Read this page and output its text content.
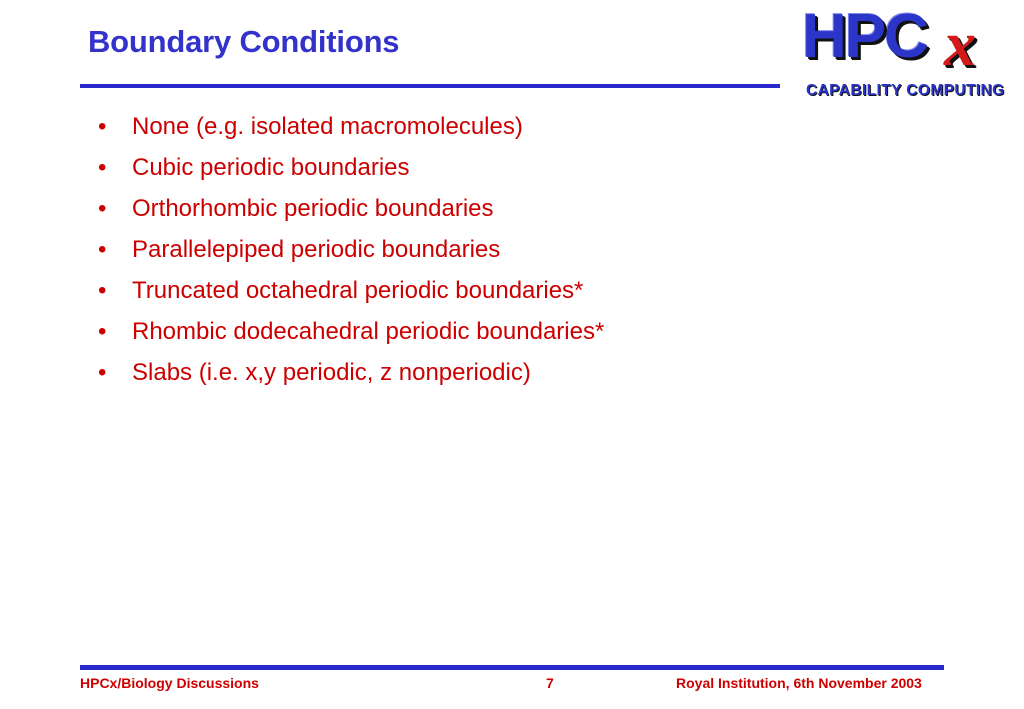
Boundary Conditions	HPC x
CAPABILITY COMPUTING
• None (e.g. isolated macromolecules)
• Cubic periodic boundaries
• Orthorhombic periodic boundaries
• Parallelepiped periodic boundaries
• Truncated octahedral periodic boundaries*
• Rhombic dodecahedral periodic boundaries*
• Slabs (i.e. x,y periodic, z nonperiodic)
HPCx/Biology Discussions	7	Royal Institution, 6th November 2003
